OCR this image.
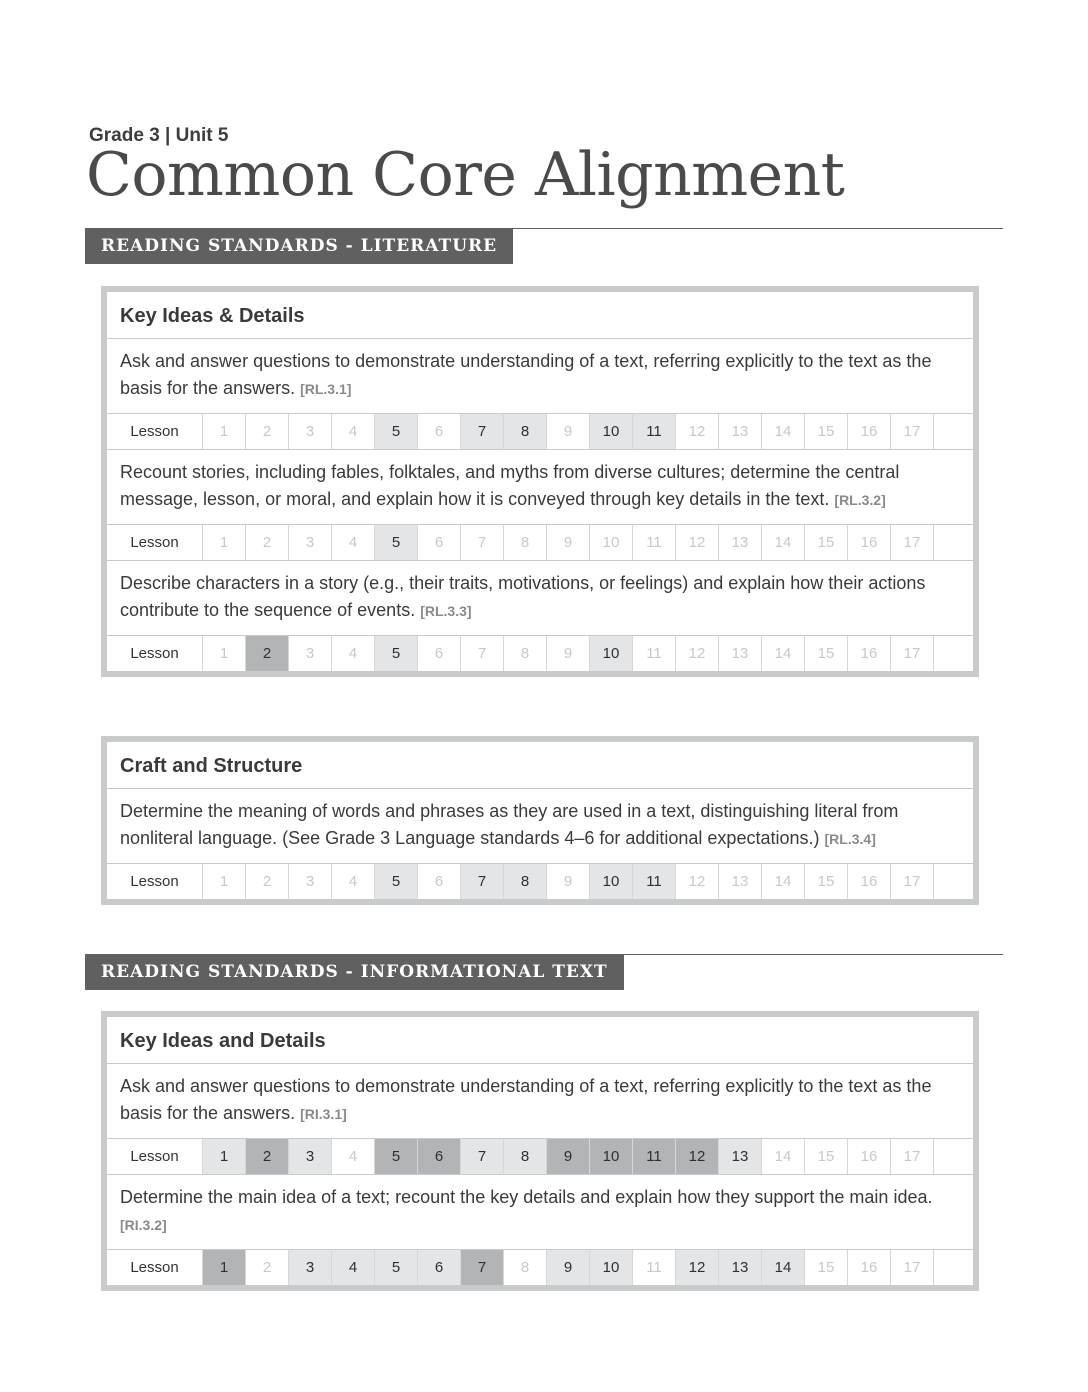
Grade 3 | Unit 5
Common Core Alignment
READING STANDARDS - LITERATURE
Key Ideas & Details
Ask and answer questions to demonstrate understanding of a text, referring explicitly to the text as the basis for the answers. [RL.3.1]
Lesson	1	2	3	4	5	6	7	8	9	10	11	12	13	14	15	16	17
Recount stories, including fables, folktales, and myths from diverse cultures; determine the central message, lesson, or moral, and explain how it is conveyed through key details in the text. [RL.3.2]
Lesson	1	2	3	4	5	6	7	8	9	10	11	12	13	14	15	16	17
Describe characters in a story (e.g., their traits, motivations, or feelings) and explain how their actions contribute to the sequence of events. [RL.3.3]
Lesson	1	2	3	4	5	6	7	8	9	10	11	12	13	14	15	16	17
Craft and Structure
Determine the meaning of words and phrases as they are used in a text, distinguishing literal from nonliteral language. (See Grade 3 Language standards 4–6 for additional expectations.) [RL.3.4]
Lesson	1	2	3	4	5	6	7	8	9	10	11	12	13	14	15	16	17
READING STANDARDS - INFORMATIONAL TEXT
Key Ideas and Details
Ask and answer questions to demonstrate understanding of a text, referring explicitly to the text as the basis for the answers. [RI.3.1]
Lesson	1	2	3	4	5	6	7	8	9	10	11	12	13	14	15	16	17
Determine the main idea of a text; recount the key details and explain how they support the main idea. [RI.3.2]
Lesson	1	2	3	4	5	6	7	8	9	10	11	12	13	14	15	16	17
